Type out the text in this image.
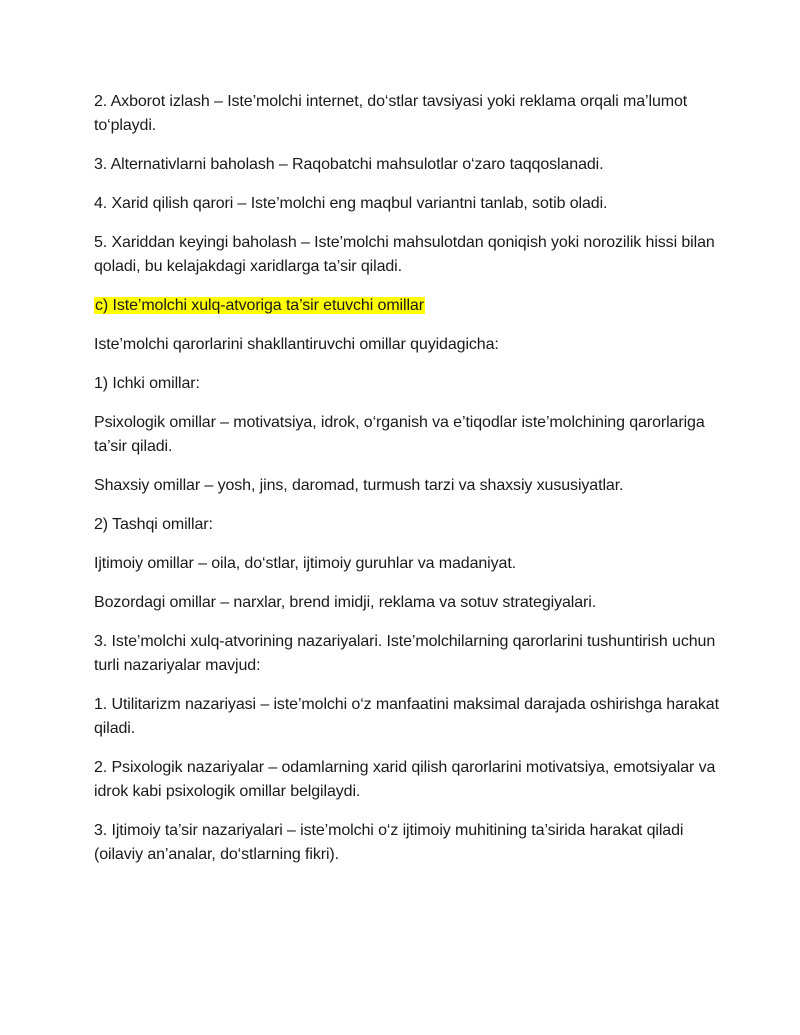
2. Axborot izlash – Iste’molchi internet, do‘stlar tavsiyasi yoki reklama orqali ma’lumot to‘playdi.

3. Alternativlarni baholash – Raqobatchi mahsulotlar o‘zaro taqqoslanadi.

4. Xarid qilish qarori – Iste’molchi eng maqbul variantni tanlab, sotib oladi.

5. Xariddan keyingi baholash – Iste’molchi mahsulotdan qoniqish yoki norozilik hissi bilan qoladi, bu kelajakdagi xaridlarga ta’sir qiladi.

c) Iste’molchi xulq-atvoriga ta’sir etuvchi omillar

Iste’molchi qarorlarini shakllantiruvchi omillar quyidagicha:

1) Ichki omillar:

Psixologik omillar – motivatsiya, idrok, o‘rganish va e’tiqodlar iste’molchining qarorlariga ta’sir qiladi.

Shaxsiy omillar – yosh, jins, daromad, turmush tarzi va shaxsiy xususiyatlar.

2) Tashqi omillar:

Ijtimoiy omillar – oila, do‘stlar, ijtimoiy guruhlar va madaniyat.

Bozordagi omillar – narxlar, brend imidji, reklama va sotuv strategiyalari.

3. Iste’molchi xulq-atvorining nazariyalari. Iste’molchilarning qarorlarini tushuntirish uchun turli nazariyalar mavjud:

1. Utilitarizm nazariyasi – iste’molchi o‘z manfaatini maksimal darajada oshirishga harakat qiladi.

2. Psixologik nazariyalar – odamlarning xarid qilish qarorlarini motivatsiya, emotsiyalar va idrok kabi psixologik omillar belgilaydi.

3. Ijtimoiy ta’sir nazariyalari – iste’molchi o‘z ijtimoiy muhitining ta’sirida harakat qiladi (oilaviy an’analar, do‘stlarning fikri).
